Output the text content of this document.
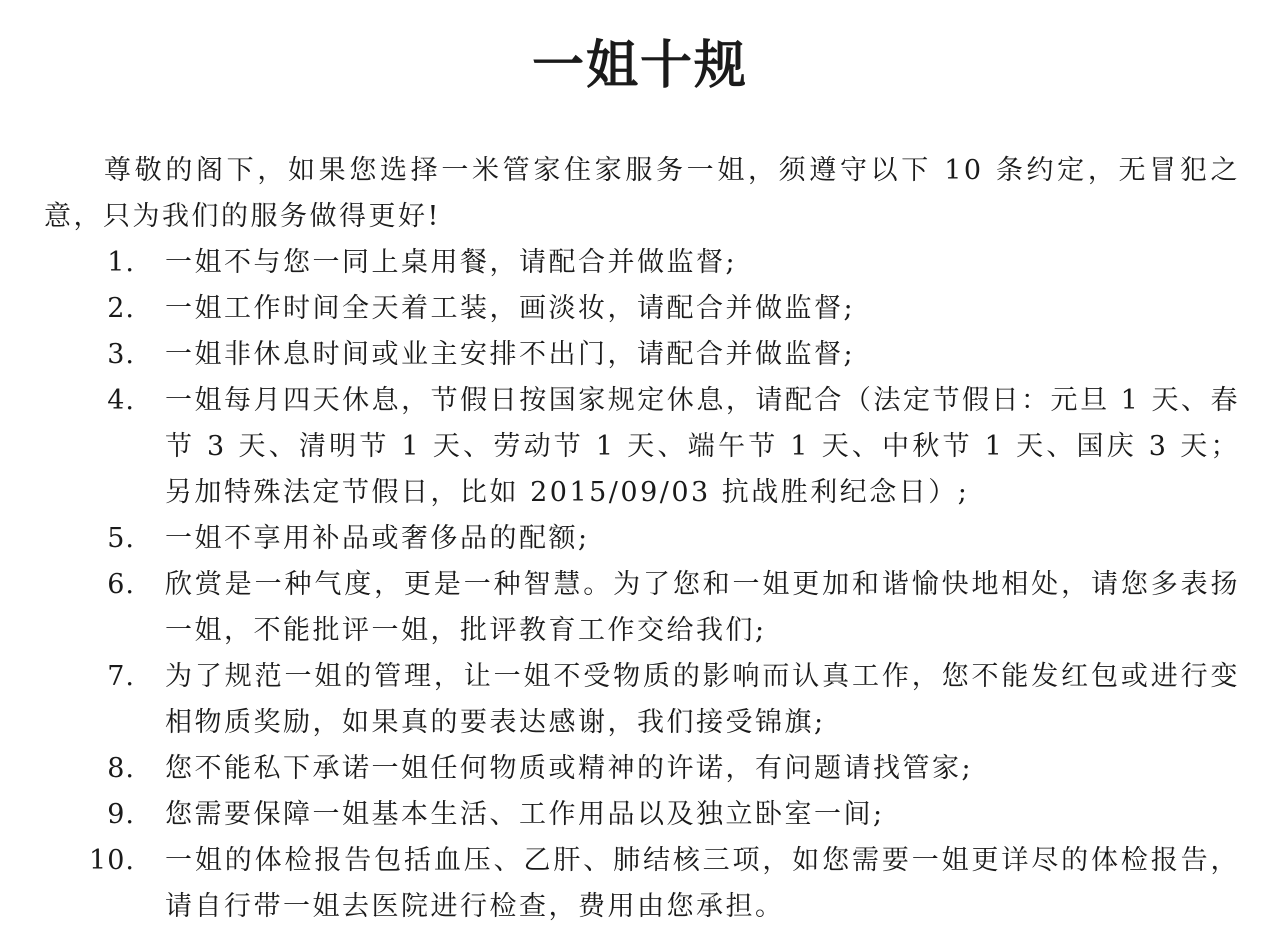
一姐十规

尊敬的阁下，如果您选择一米管家住家服务一姐，须遵守以下 10 条约定，无冒犯之意，只为我们的服务做得更好!

1. 一姐不与您一同上桌用餐，请配合并做监督;
2. 一姐工作时间全天着工装，画淡妆，请配合并做监督;
3. 一姐非休息时间或业主安排不出门，请配合并做监督;
4. 一姐每月四天休息，节假日按国家规定休息，请配合（法定节假日：元旦 1 天、春节 3 天、清明节 1 天、劳动节 1 天、端午节 1 天、中秋节 1 天、国庆 3 天；另加特殊法定节假日，比如 2015/09/03 抗战胜利纪念日）;
5. 一姐不享用补品或奢侈品的配额;
6. 欣赏是一种气度，更是一种智慧。为了您和一姐更加和谐愉快地相处，请您多表扬一姐，不能批评一姐，批评教育工作交给我们;
7. 为了规范一姐的管理，让一姐不受物质的影响而认真工作，您不能发红包或进行变相物质奖励，如果真的要表达感谢，我们接受锦旗;
8. 您不能私下承诺一姐任何物质或精神的许诺，有问题请找管家;
9. 您需要保障一姐基本生活、工作用品以及独立卧室一间;
10. 一姐的体检报告包括血压、乙肝、肺结核三项，如您需要一姐更详尽的体检报告，请自行带一姐去医院进行检查，费用由您承担。
